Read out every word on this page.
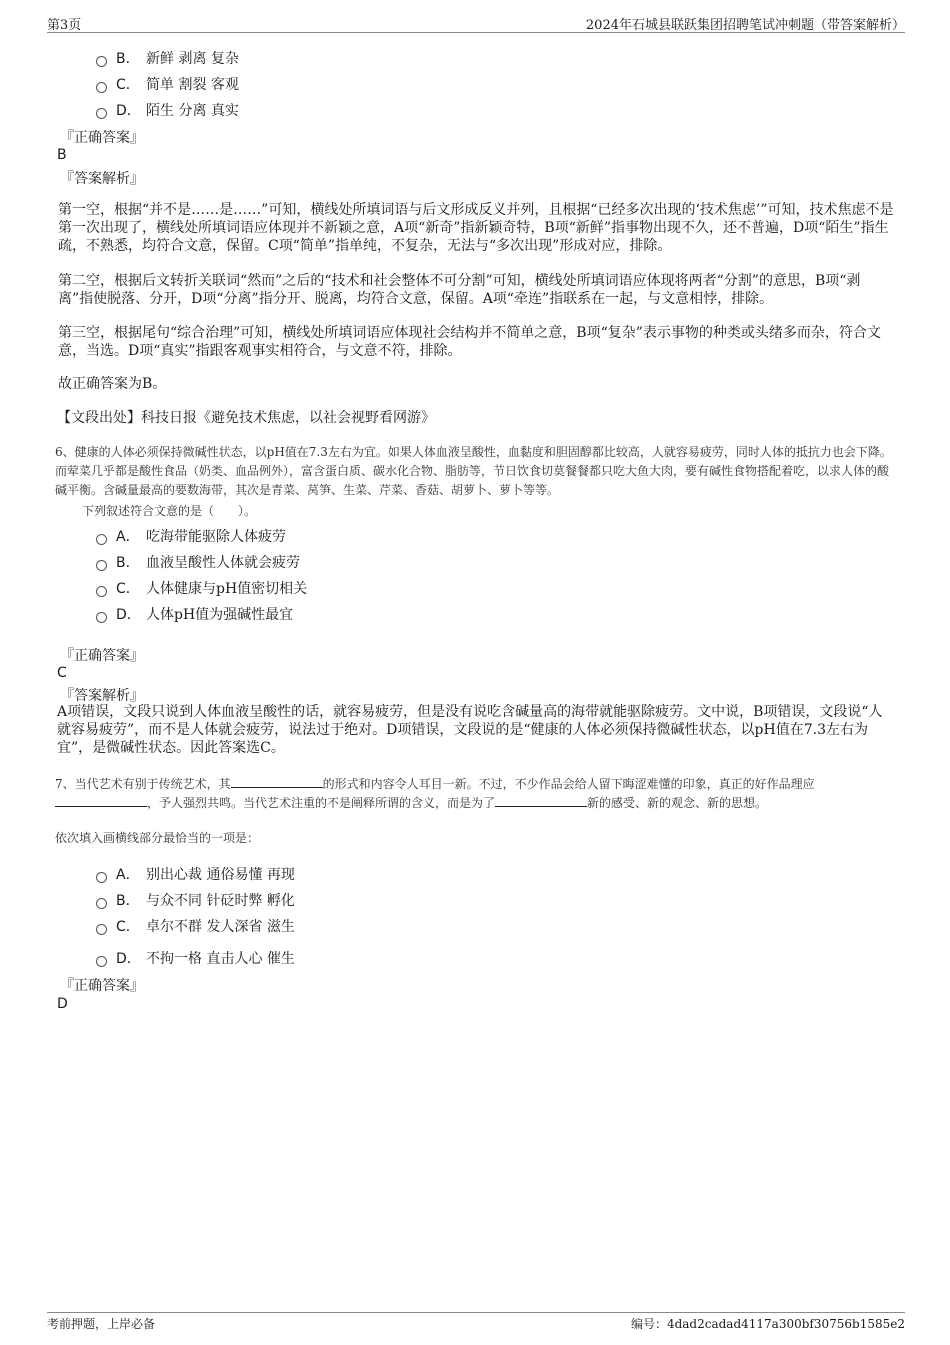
第3页	2024年石城县联跃集团招聘笔试冲刺题（带答案解析）
B． 新鲜 剥离 复杂
C． 简单 割裂 客观
D． 陌生 分离 真实
『正确答案』
B
『答案解析』
第一空，根据“并不是……是……”可知，横线处所填词语与后文形成反义并列，且根据“已经多次出现的‘技术焦虑’”可知，技术焦虑不是第一次出现了，横线处所填词语应体现并不新颖之意，A项“新奇”指新颖奇特，B项“新鲜”指事物出现不久，还不普遍，D项“陌生”指生疏，不熟悉，均符合文意，保留。C项“简单”指单纯，不复杂，无法与“多次出现”形成对应，排除。
第二空，根据后文转折关联词“然而”之后的“技术和社会整体不可分割”可知，横线处所填词语应体现将两者“分割”的意思，B项“剥离”指使脱落、分开，D项“分离”指分开、脱离，均符合文意，保留。A项“牵连”指联系在一起，与文意相悖，排除。
第三空，根据尾句“综合治理”可知，横线处所填词语应体现社会结构并不简单之意，B项“复杂”表示事物的种类或头绪多而杂，符合文意，当选。D项“真实”指跟客观事实相符合，与文意不符，排除。
故正确答案为B。
【文段出处】科技日报《避免技术焦虑，以社会视野看网游》
6、健康的人体必须保持微碱性状态，以pH值在7.3左右为宜。如果人体血液呈酸性，血黏度和胆固醇都比较高，人就容易疲劳，同时人体的抵抗力也会下降。而荤菜几乎都是酸性食品（奶类、血品例外），富含蛋白质、碳水化合物、脂肪等，节日饮食切莫餐餐都只吃大鱼大肉，要有碱性食物搭配着吃，以求人体的酸碱平衡。含碱量最高的要数海带，其次是青菜、莴笋、生菜、芹菜、香菇、胡萝卜、萝卜等等。
下列叙述符合文意的是（　　）。
A． 吃海带能驱除人体疲劳
B． 血液呈酸性人体就会疲劳
C． 人体健康与pH值密切相关
D． 人体pH值为强碱性最宜
『正确答案』
C
『答案解析』
A项错误，文段只说到人体血液呈酸性的话，就容易疲劳，但是没有说吃含碱量高的海带就能驱除疲劳。文中说，B项错误，文段说“人就容易疲劳”，而不是人体就会疲劳，说法过于绝对。D项错误，文段说的是“健康的人体必须保持微碱性状态，以pH值在7.3左右为宜”，是微碱性状态。因此答案选C。
7、当代艺术有别于传统艺术，其	的形式和内容令人耳目一新。不过，不少作品会给人留下晦涩难懂的印象，真正的好作品理应，予人强烈共鸣。当代艺术注重的不是阐释所谓的含义，而是为了	新的感受、新的观念、新的思想。
依次填入画横线部分最恰当的一项是：
A． 别出心裁 通俗易懂 再现
B． 与众不同 针砭时弊 孵化
C． 卓尔不群 发人深省 滋生
D． 不拘一格 直击人心 催生
『正确答案』
D
考前押题，上岸必备	编号：4dad2cadad4117a300bf30756b1585e2
